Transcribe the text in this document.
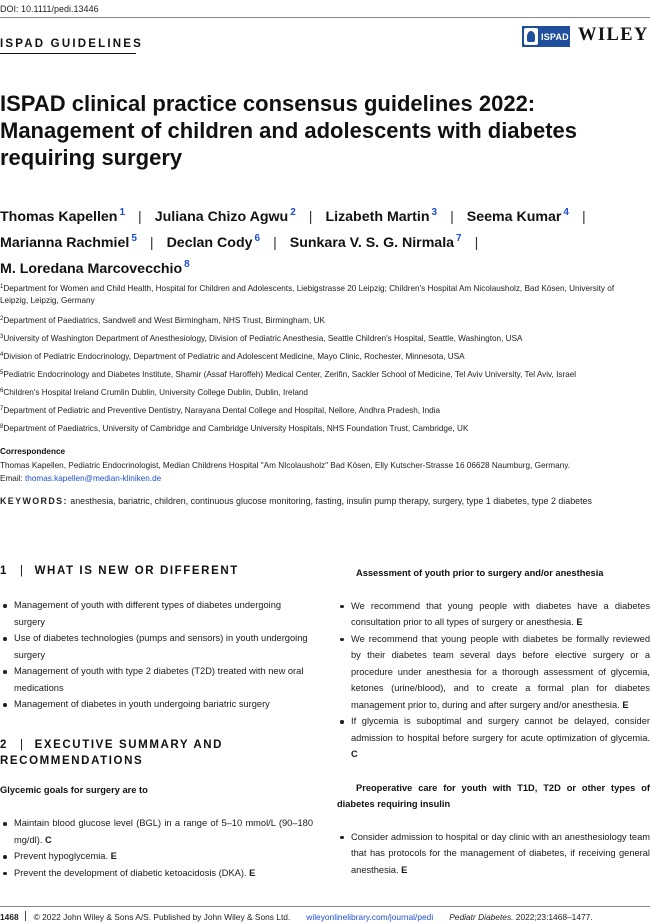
DOI: 10.1111/pedi.13446
ISPAD GUIDELINES
ISPAD WILEY
ISPAD clinical practice consensus guidelines 2022: Management of children and adolescents with diabetes requiring surgery
Thomas Kapellen $^1$ | Juliana Chizo Agwu $^2$ | Lizabeth Martin $^3$ | Seema Kumar $^4$ |
Marianna Rachmiel $^5$ | Declan Cody $^6$ | Sunkara V. S. G. Nirmala $^7$ |
M. Loredana Marcovecchio $^8$
$^1$Department for Women and Child Health, Hospital for Children and Adolescents, Liebigstrasse 20 Leipzig; Children's Hospital Am Nicolausholz, Bad Kösen, University of Leipzig, Leipzig, Germany
$^2$Department of Paediatrics, Sandwell and West Birmingham, NHS Trust, Birmingham, UK
$^3$University of Washington Department of Anesthesiology, Division of Pediatric Anesthesia, Seattle Children's Hospital, Seattle, Washington, USA
$^4$Division of Pediatric Endocrinology, Department of Pediatric and Adolescent Medicine, Mayo Clinic, Rochester, Minnesota, USA
$^5$Pediatric Endocrinology and Diabetes Institute, Shamir (Assaf Haroffeh) Medical Center, Zerifin, Sackler School of Medicine, Tel Aviv University, Tel Aviv, Israel
$^6$Children's Hospital Ireland Crumlin Dublin, University College Dublin, Dublin, Ireland
$^7$Department of Pediatric and Preventive Dentistry, Narayana Dental College and Hospital, Nellore, Andhra Pradesh, India
$^8$Department of Paediatrics, University of Cambridge and Cambridge University Hospitals, NHS Foundation Trust, Cambridge, UK
Correspondence
Thomas Kapellen, Pediatric Endocrinologist, Median Childrens Hospital "Am NIcolausholz" Bad Kösen, Elly Kutscher-Strasse 16 06628 Naumburg, Germany.
Email: thomas.kapellen@median-kliniken.de
KEYWORDS: anesthesia, bariatric, children, continuous glucose monitoring, fasting, insulin pump therapy, surgery, type 1 diabetes, type 2 diabetes
1 | WHAT IS NEW OR DIFFERENT
Management of youth with different types of diabetes undergoing surgery
Use of diabetes technologies (pumps and sensors) in youth undergoing surgery
Management of youth with type 2 diabetes (T2D) treated with new oral medications
Management of diabetes in youth undergoing bariatric surgery
2 | EXECUTIVE SUMMARY AND RECOMMENDATIONS
Glycemic goals for surgery are to
Maintain blood glucose level (BGL) in a range of 5–10 mmol/L (90–180 mg/dl). C
Prevent hypoglycemia. E
Prevent the development of diabetic ketoacidosis (DKA). E
Assessment of youth prior to surgery and/or anesthesia
We recommend that young people with diabetes have a diabetes consultation prior to all types of surgery or anesthesia. E
We recommend that young people with diabetes be formally reviewed by their diabetes team several days before elective surgery or a procedure under anesthesia for a thorough assessment of glycemia, ketones (urine/blood), and to create a formal plan for diabetes management prior to, during and after surgery and/or anesthesia. E
If glycemia is suboptimal and surgery cannot be delayed, consider admission to hospital before surgery for acute optimization of glycemia. C
Preoperative care for youth with T1D, T2D or other types of diabetes requiring insulin
Consider admission to hospital or day clinic with an anesthesiology team that has protocols for the management of diabetes, if receiving general anesthesia. E
1468 © 2022 John Wiley & Sons A/S. Published by John Wiley & Sons Ltd. wileyonlinelibrary.com/journal/pedi Pediatr Diabetes. 2022;23:1468–1477.
